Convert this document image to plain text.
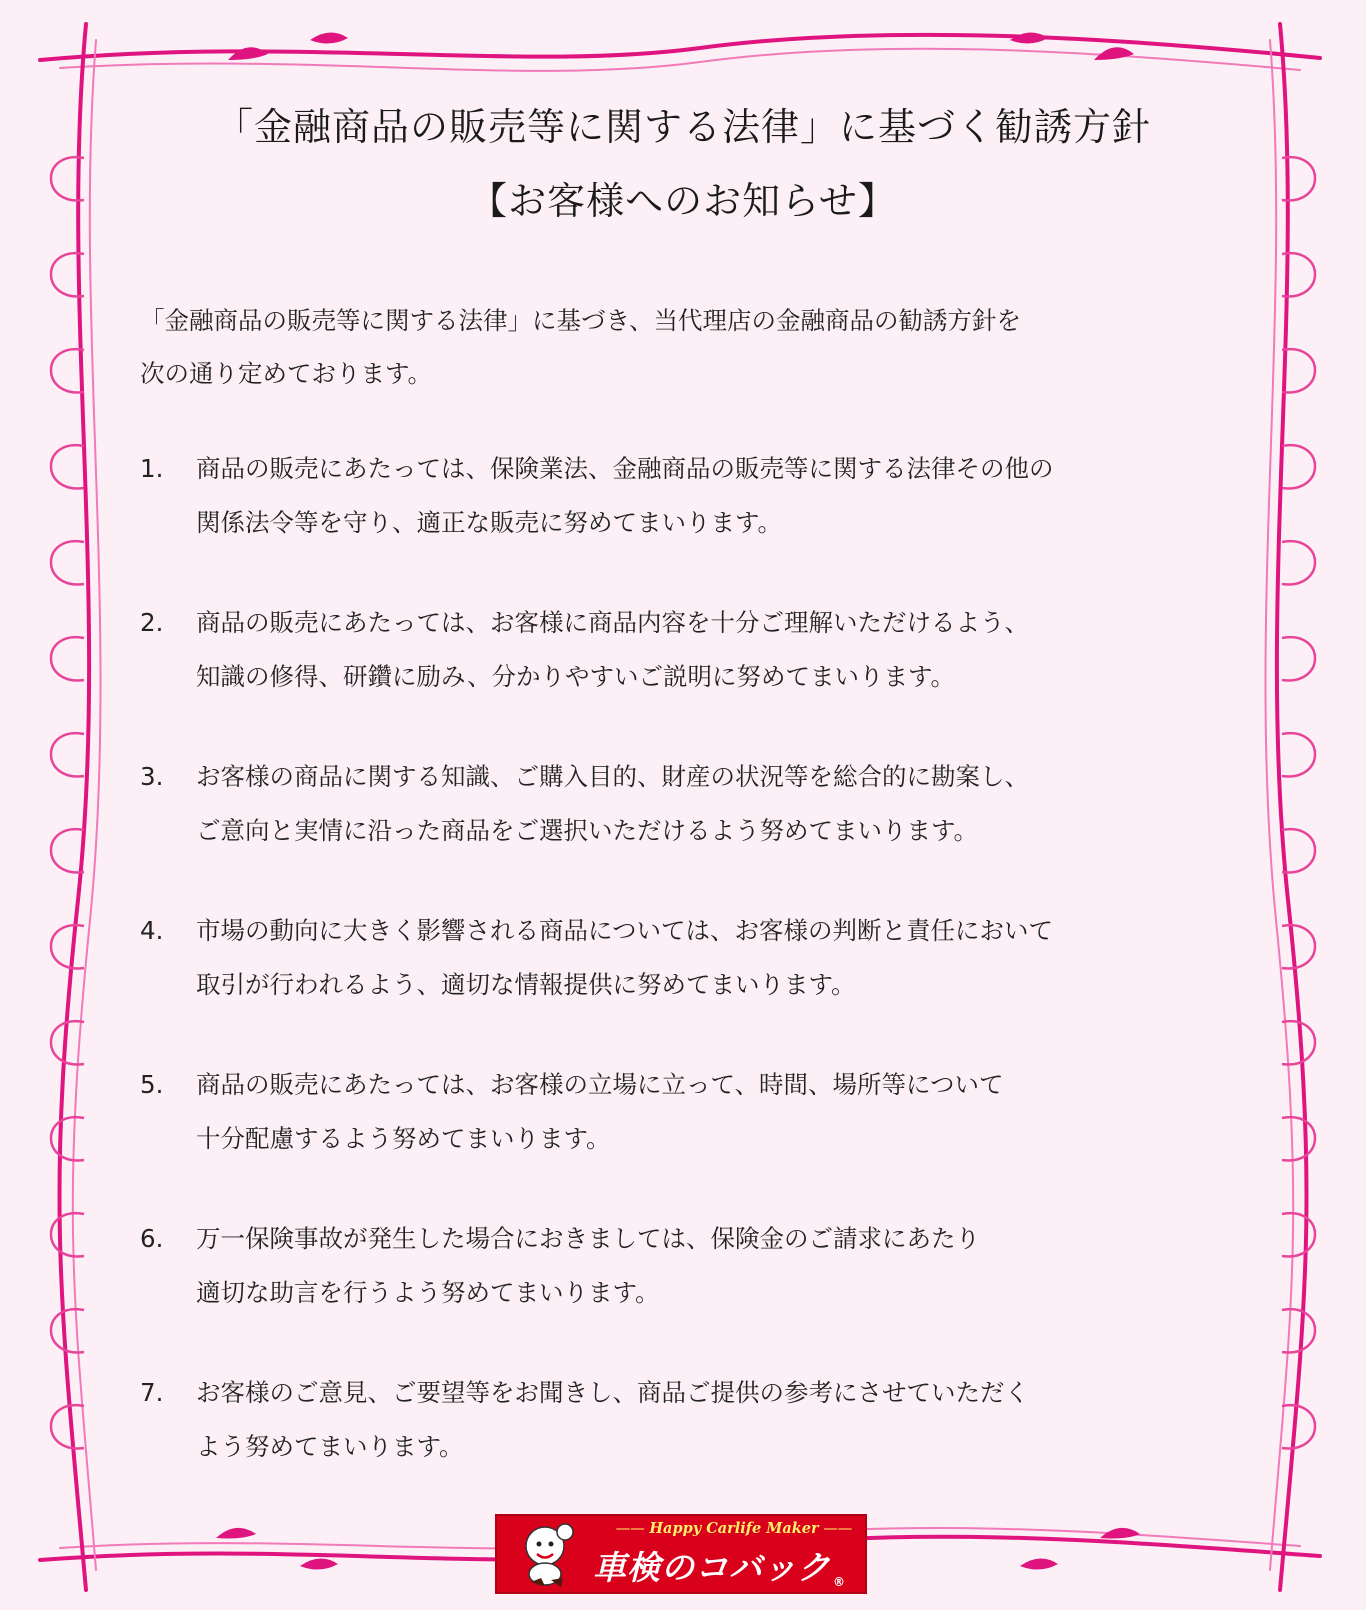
「金融商品の販売等に関する法律」に基づく勧誘方針
【お客様へのお知らせ】
「金融商品の販売等に関する法律」に基づき、当代理店の金融商品の勧誘方針を
次の通り定めております。
1.	商品の販売にあたっては、保険業法、金融商品の販売等に関する法律その他の
関係法令等を守り、適正な販売に努めてまいります。
2.	商品の販売にあたっては、お客様に商品内容を十分ご理解いただけるよう、
知識の修得、研鑽に励み、分かりやすいご説明に努めてまいります。
3.	お客様の商品に関する知識、ご購入目的、財産の状況等を総合的に勘案し、
ご意向と実情に沿った商品をご選択いただけるよう努めてまいります。
4.	市場の動向に大きく影響される商品については、お客様の判断と責任において
取引が行われるよう、適切な情報提供に努めてまいります。
5.	商品の販売にあたっては、お客様の立場に立って、時間、場所等について
十分配慮するよう努めてまいります。
6.	万一保険事故が発生した場合におきましては、保険金のご請求にあたり
適切な助言を行うよう努めてまいります。
7.	お客様のご意見、ご要望等をお聞きし、商品ご提供の参考にさせていただく
よう努めてまいります。
—— Happy Carlife Maker ——
車検のコバック ®
